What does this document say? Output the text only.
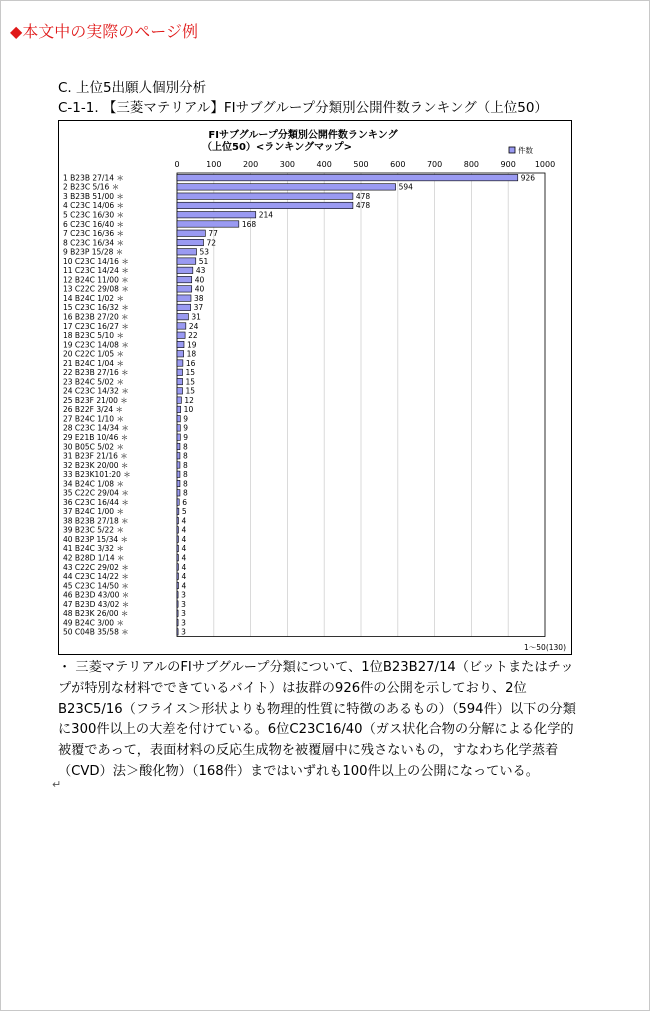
◆本文中の実際のページ例
C. 上位5出願人個別分析
C-1-1. 【三菱マテリアル】FIサブグループ分類別公開件数ランキング（上位50）
FIサブグループ分類別公開件数ランキング
（上位50）<ランキングマップ>	件数
0	100	200	300	400	500	600	700	800	900 1000
926
1 B23B 27/14 ＊
594
2 B23C 5/16 ＊
478
3 B23B 51/00 ＊
478
4 C23C 14/06 ＊
214
5 C23C 16/30 ＊
168
6 C23C 16/40 ＊
77
7 C23C 16/36 ＊
72
8 C23C 16/34 ＊
53
9 B23P 15/28 ＊
51
10 C23C 14/16 ＊
43
11 C23C 14/24 ＊
40
12 B24C 11/00 ＊
40
13 C22C 29/08 ＊
38
14 B24C 1/02 ＊
37
15 C23C 16/32 ＊
31
16 B23B 27/20 ＊
24
17 C23C 16/27 ＊
22
18 B23C 5/10 ＊
19
19 C23C 14/08 ＊
18
20 C22C 1/05 ＊
16
21 B24C 1/04 ＊
15
22 B23B 27/16 ＊
15
23 B24C 5/02 ＊
15
24 C23C 14/32 ＊
12
25 B23F 21/00 ＊
10
26 B22F 3/24 ＊
9
27 B24C 1/10 ＊
9
28 C23C 14/34 ＊
9
29 E21B 10/46 ＊
8
30 B05C 5/02 ＊
8
31 B23F 21/16 ＊
8
32 B23K 20/00 ＊
8
33 B23K101:20 ＊
8
34 B24C 1/08 ＊
8
35 C22C 29/04 ＊
6
36 C23C 16/44 ＊
5
37 B24C 1/00 ＊
4
38 B23B 27/18 ＊
4
39 B23C 5/22 ＊
4
40 B23P 15/34 ＊
4
41 B24C 3/32 ＊
4
42 B28D 1/14 ＊
4
43 C22C 29/02 ＊
4
44 C23C 14/22 ＊
4
45 C23C 14/50 ＊
3
46 B23D 43/00 ＊
3
47 B23D 43/02 ＊
3
48 B23K 26/00 ＊
3
49 B24C 3/00 ＊
3
50 C04B 35/58 ＊
1～50(130)

・ 三菱マテリアルのFIサブグループ分類について、1位B23B27/14（ビットまたはチップが特別な材料でできているバイト）は抜群の926件の公開を示しており、2位B23C5/16（フライス＞形状よりも物理的性質に特徴のあるもの）（594件）以下の分類に300件以上の大差を付けている。6位C23C16/40（ガス状化合物の分解による化学的被覆であって，表面材料の反応生成物を被覆層中に残さないもの，すなわち化学蒸着（CVD）法＞酸化物）（168件）まではいずれも100件以上の公開になっている。

↵
